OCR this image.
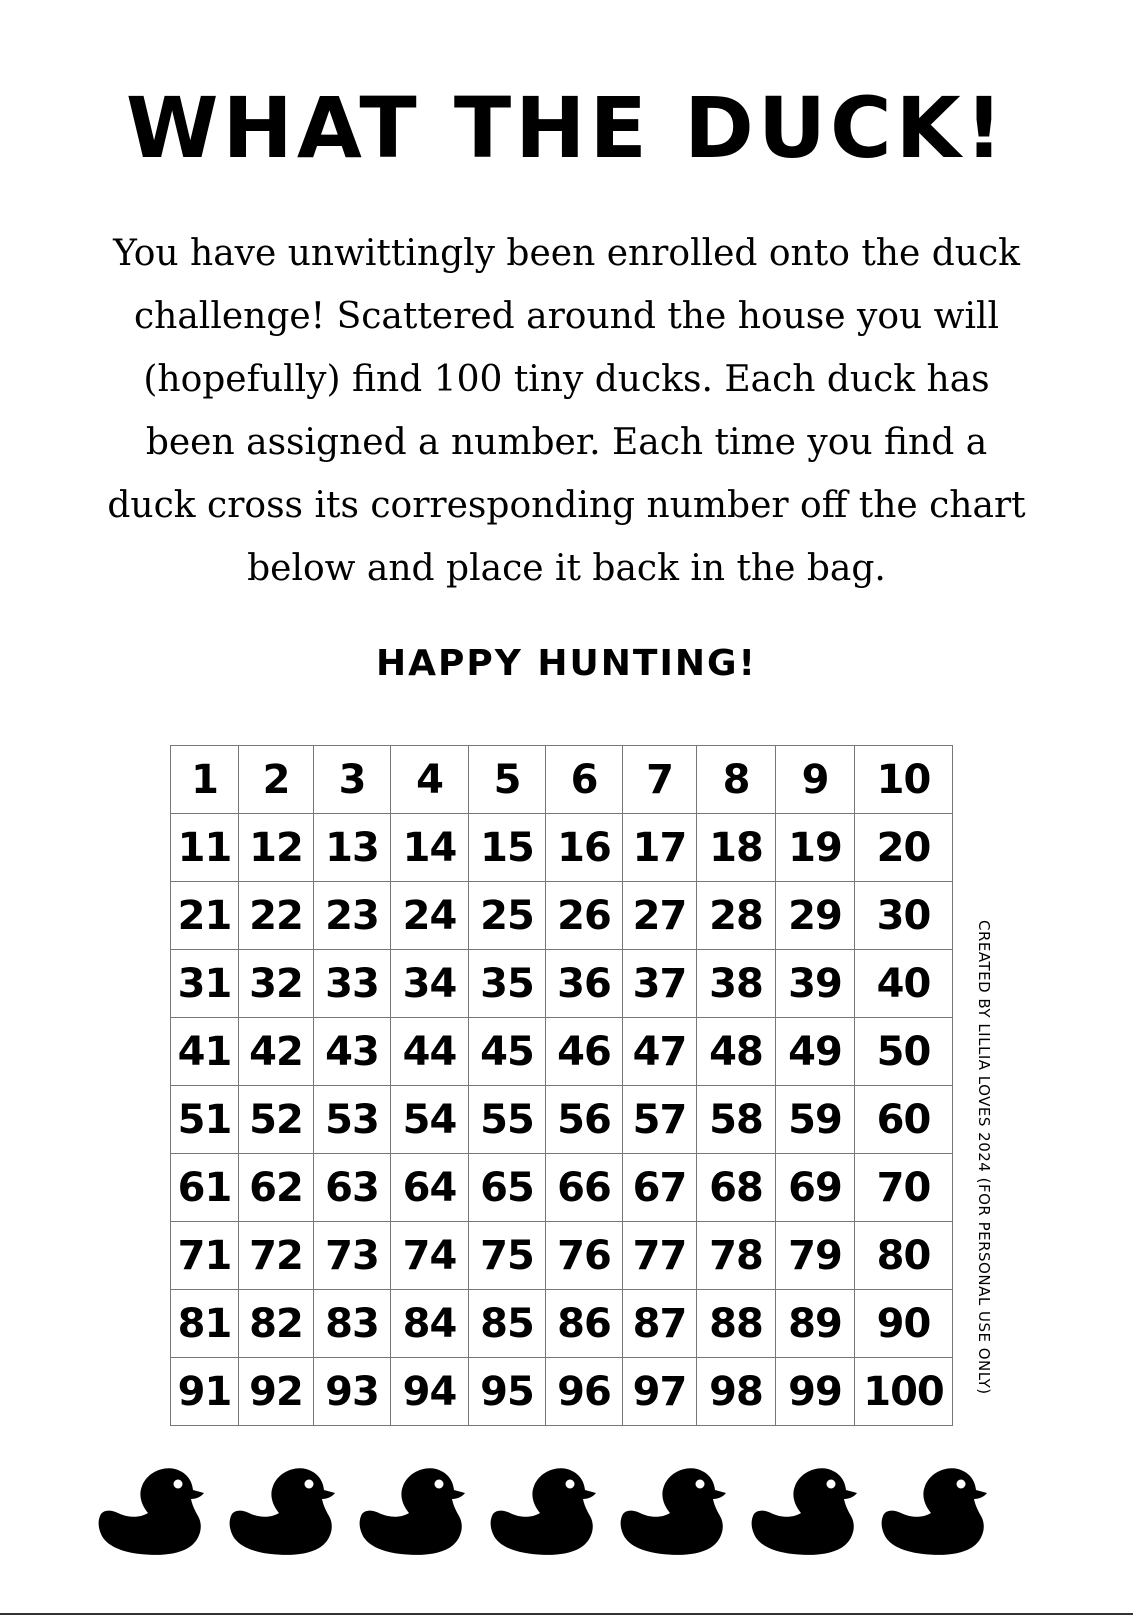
WHAT THE DUCK!
You have unwittingly been enrolled onto the duck
challenge! Scattered around the house you will
(hopefully) find 100 tiny ducks. Each duck has
been assigned a number. Each time you find a
duck cross its corresponding number off the chart
below and place it back in the bag.
HAPPY HUNTING!
1	2	3	4	5	6	7	8	9	10
11	12	13	14	15	16	17	18	19	20
21	22	23	24	25	26	27	28	29	30
31	32	33	34	35	36	37	38	39	40
41	42	43	44	45	46	47	48	49	50
51	52	53	54	55	56	57	58	59	60
61	62	63	64	65	66	67	68	69	70
71	72	73	74	75	76	77	78	79	80
81	82	83	84	85	86	87	88	89	90
91	92	93	94	95	96	97	98	99	100	CREATED BY LILLIA LOVES 2024 (FOR PERSONAL USE ONLY)
